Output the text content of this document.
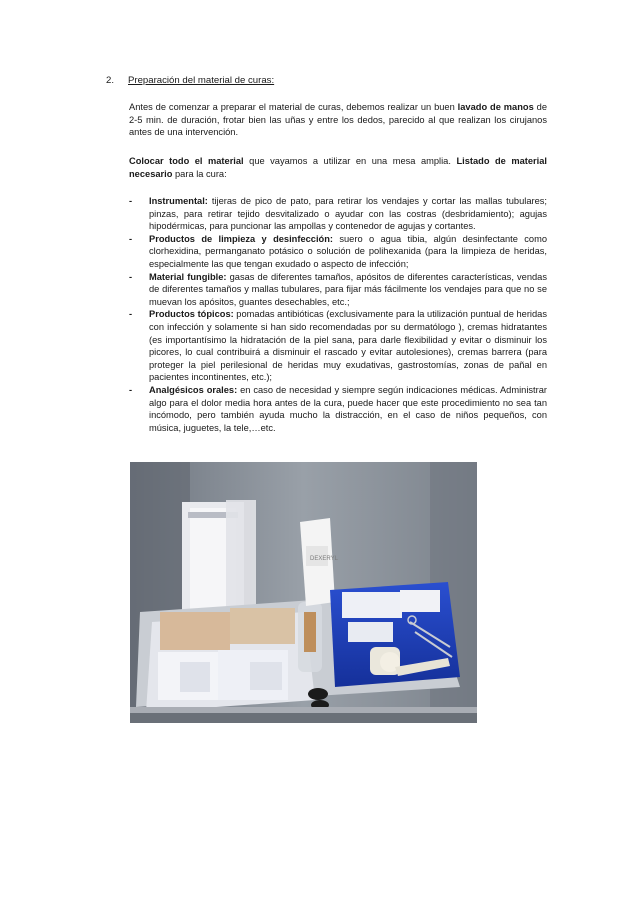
2. Preparación del material de curas:

Antes de comenzar a preparar el material de curas, debemos realizar un buen lavado de manos de 2-5 min. de duración, frotar bien las uñas y entre los dedos, parecido al que realizan los cirujanos antes de una intervención.

Colocar todo el material que vayamos a utilizar en una mesa amplia. Listado de material necesario para la cura:

- Instrumental: tijeras de pico de pato, para retirar los vendajes y cortar las mallas tubulares; pinzas, para retirar tejido desvitalizado o ayudar con las costras (desbridamiento); agujas hipodérmicas, para puncionar las ampollas y contenedor de agujas y cortantes.
- Productos de limpieza y desinfección: suero o agua tibia, algún desinfectante como clorhexidina, permanganato potásico o solución de polihexanida (para la limpieza de heridas, especialmente las que tengan exudado o aspecto de infección;
- Material fungible: gasas de diferentes tamaños, apósitos de diferentes características, vendas de diferentes tamaños y mallas tubulares, para fijar más fácilmente los vendajes para que no se muevan los apósitos, guantes desechables, etc.;
- Productos tópicos: pomadas antibióticas (exclusivamente para la utilización puntual de heridas con infección y solamente si han sido recomendadas por su dermatólogo ), cremas hidratantes (es importantísimo la hidratación de la piel sana, para darle flexibilidad y evitar o disminuir los picores, lo cual contribuirá a disminuir el rascado y evitar autolesiones), cremas barrera (para proteger la piel perilesional de heridas muy exudativas, gastrostomías, zonas de pañal en pacientes incontinentes, etc.);
- Analgésicos orales: en caso de necesidad y siempre según indicaciones médicas. Administrar algo para el dolor media hora antes de la cura, puede hacer que este procedimiento no sea tan incómodo, pero también ayuda mucho la distracción, en el caso de niños pequeños, con música, juguetes, la tele,…etc.
DEXERYL
